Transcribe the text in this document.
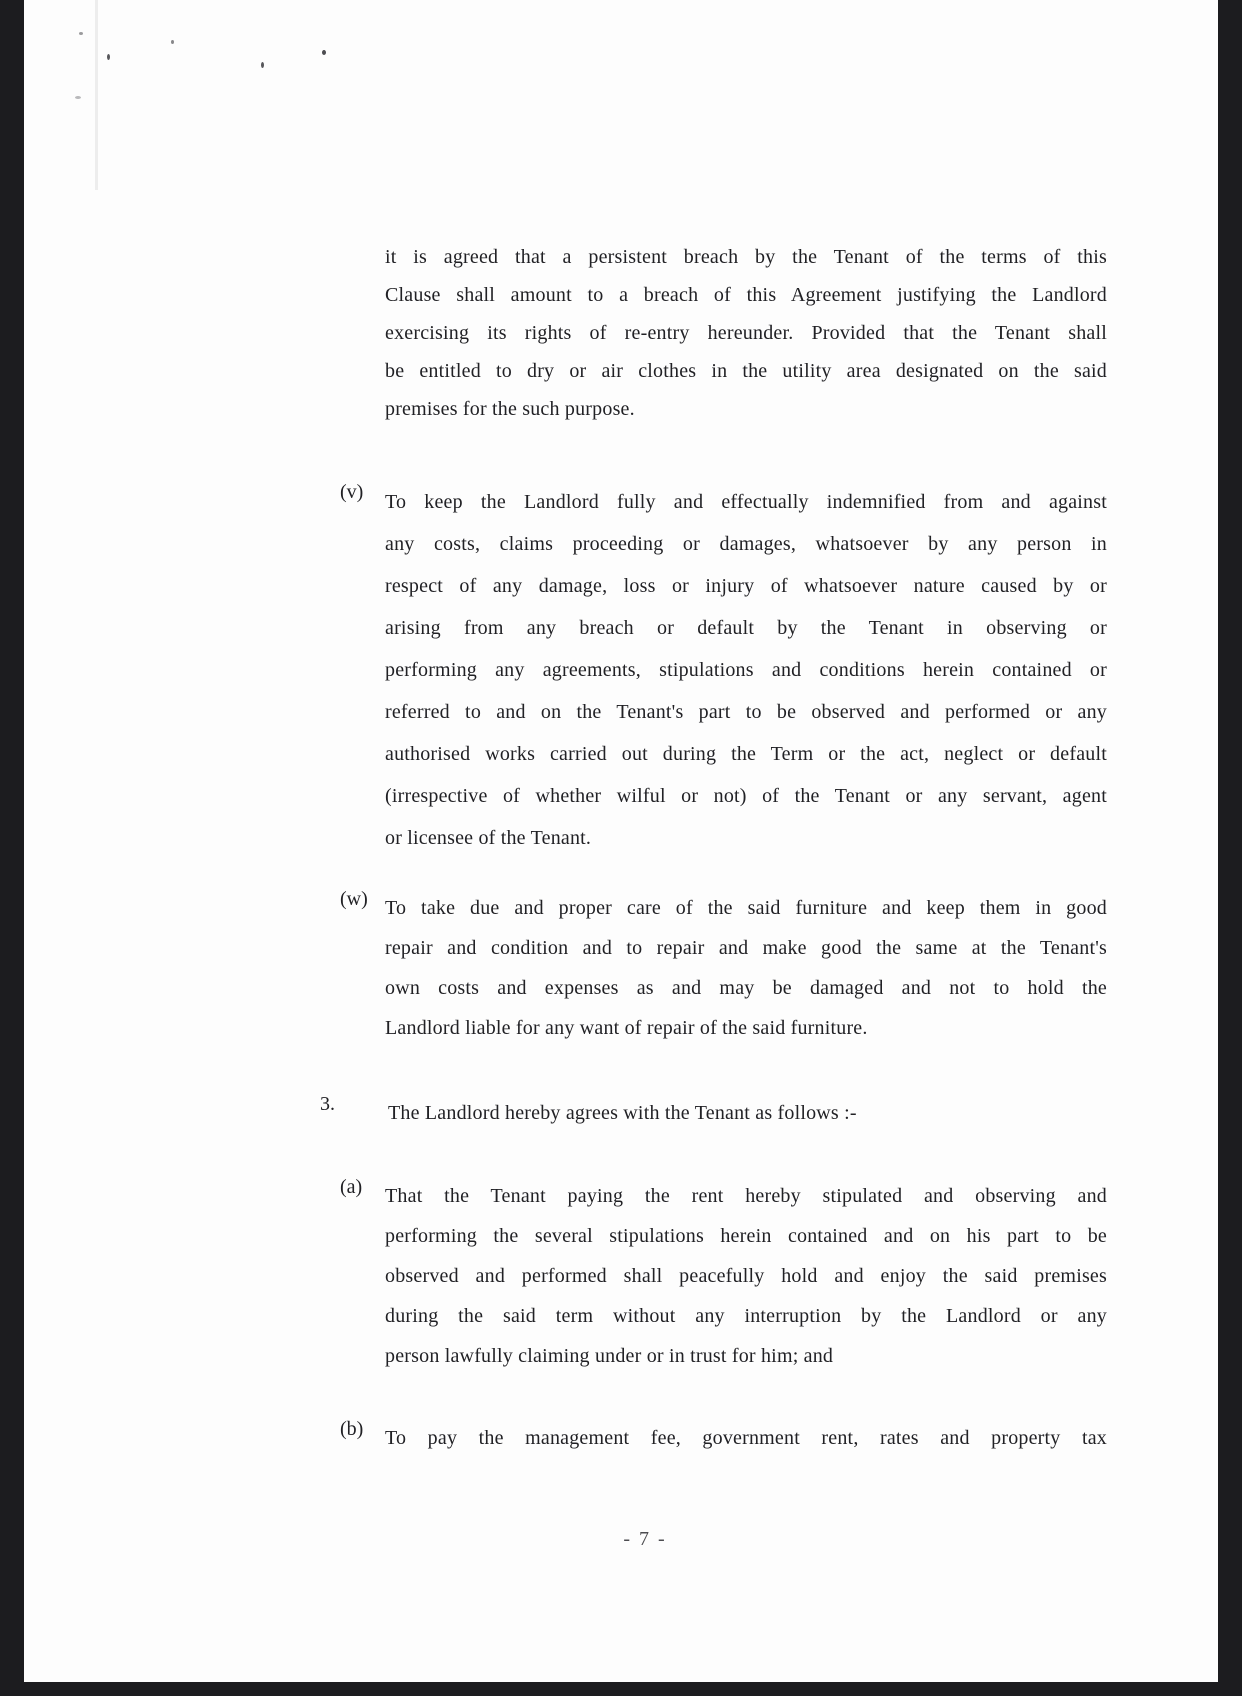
it is agreed that a persistent breach by the Tenant of the terms of this
Clause shall amount to a breach of this Agreement justifying the Landlord
exercising its rights of re-entry hereunder. Provided that the Tenant shall
be entitled to dry or air clothes in the utility area designated on the said
premises for the such purpose.
(v)	To keep the Landlord fully and effectually indemnified from and against
any costs, claims proceeding or damages, whatsoever by any person in
respect of any damage, loss or injury of whatsoever nature caused by or
arising from any breach or default by the Tenant in observing or
performing any agreements, stipulations and conditions herein contained or
referred to and on the Tenant's part to be observed and performed or any
authorised works carried out during the Term or the act, neglect or default
(irrespective of whether wilful or not) of the Tenant or any servant, agent
or licensee of the Tenant.
(w) To take due and proper care of the said furniture and keep them in good
repair and condition and to repair and make good the same at the Tenant's
own costs and expenses as and may be damaged and not to hold the
Landlord liable for any want of repair of the said furniture.
3.	The Landlord hereby agrees with the Tenant as follows :-
(a)	That the Tenant paying the rent hereby stipulated and observing and
performing the several stipulations herein contained and on his part to be
observed and performed shall peacefully hold and enjoy the said premises
during the said term without any interruption by the Landlord or any
person lawfully claiming under or in trust for him; and
(b)	To pay the management fee, government rent, rates and property tax
- 7 -
